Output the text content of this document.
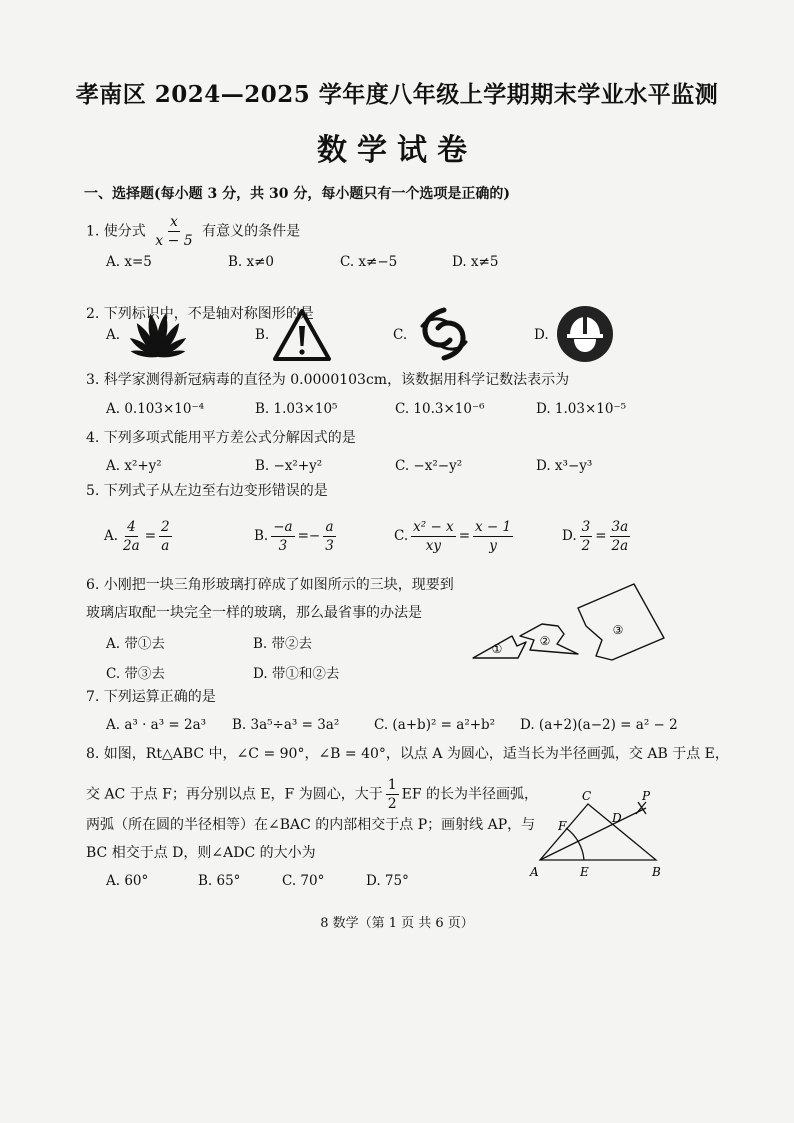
孝南区 2024—2025 学年度八年级上学期期末学业水平监测
数学试卷
一、选择题(每小题 3 分，共 30 分，每小题只有一个选项是正确的)
1. 使分式 $\frac{x}{x - 5}$ 有意义的条件是
A. x=5	B. x≠0	C. x≠−5	D. x≠5
2. 下列标识中，不是轴对称图形的是
A.	B.	C.	D.
3. 科学家测得新冠病毒的直径为 0.0000103cm，该数据用科学记数法表示为
A. 0.103×10⁻⁴	B. 1.03×10⁵	C. 10.3×10⁻⁶	D. 1.03×10⁻⁵
4. 下列多项式能用平方差公式分解因式的是
A. x²+y²	B. −x²+y²	C. −x²−y²	D. x³−y³
5. 下列式子从左边至右边变形错误的是
A. $\frac{4}{2a} = \frac{2}{a}$	B. $\frac{-a}{3} =- \frac{a}{3}$	C. $\frac{\text{x² − x}}{xy} = \frac{x - 1}{y}$	D. $\frac{3}{2} = \frac{3a}{2a}$
6. 小刚把一块三角形玻璃打碎成了如图所示的三块，现要到
玻璃店取配一块完全一样的玻璃，那么最省事的办法是
A. 带①去	B. 带②去
C. 带③去	D. 带①和②去
①
②
③
7. 下列运算正确的是
A. a³ · a³ = 2a³ B. 3a⁵÷a³ = 3a²	C. (a+b)² = a²+b² D. (a+2)(a−2) = a² − 2
8. 如图，Rt△ABC 中，∠C = 90°，∠B = 40°，以点 A 为圆心，适当长为半径画弧，交 AB 于点 E，
交 AC 于点 F；再分别以点 E，F 为圆心，大于 $\frac{1}{2}$ EF 的长为半径画弧，
两弧（所在圆的半径相等）在∠BAC 的内部相交于点 P；画射线 AP，与
BC 相交于点 D，则∠ADC 的大小为
A. 60°	B. 65°	C. 70°	D. 75°
C
D
P
F
A	E	B
8 数学（第 1 页 共 6 页）
